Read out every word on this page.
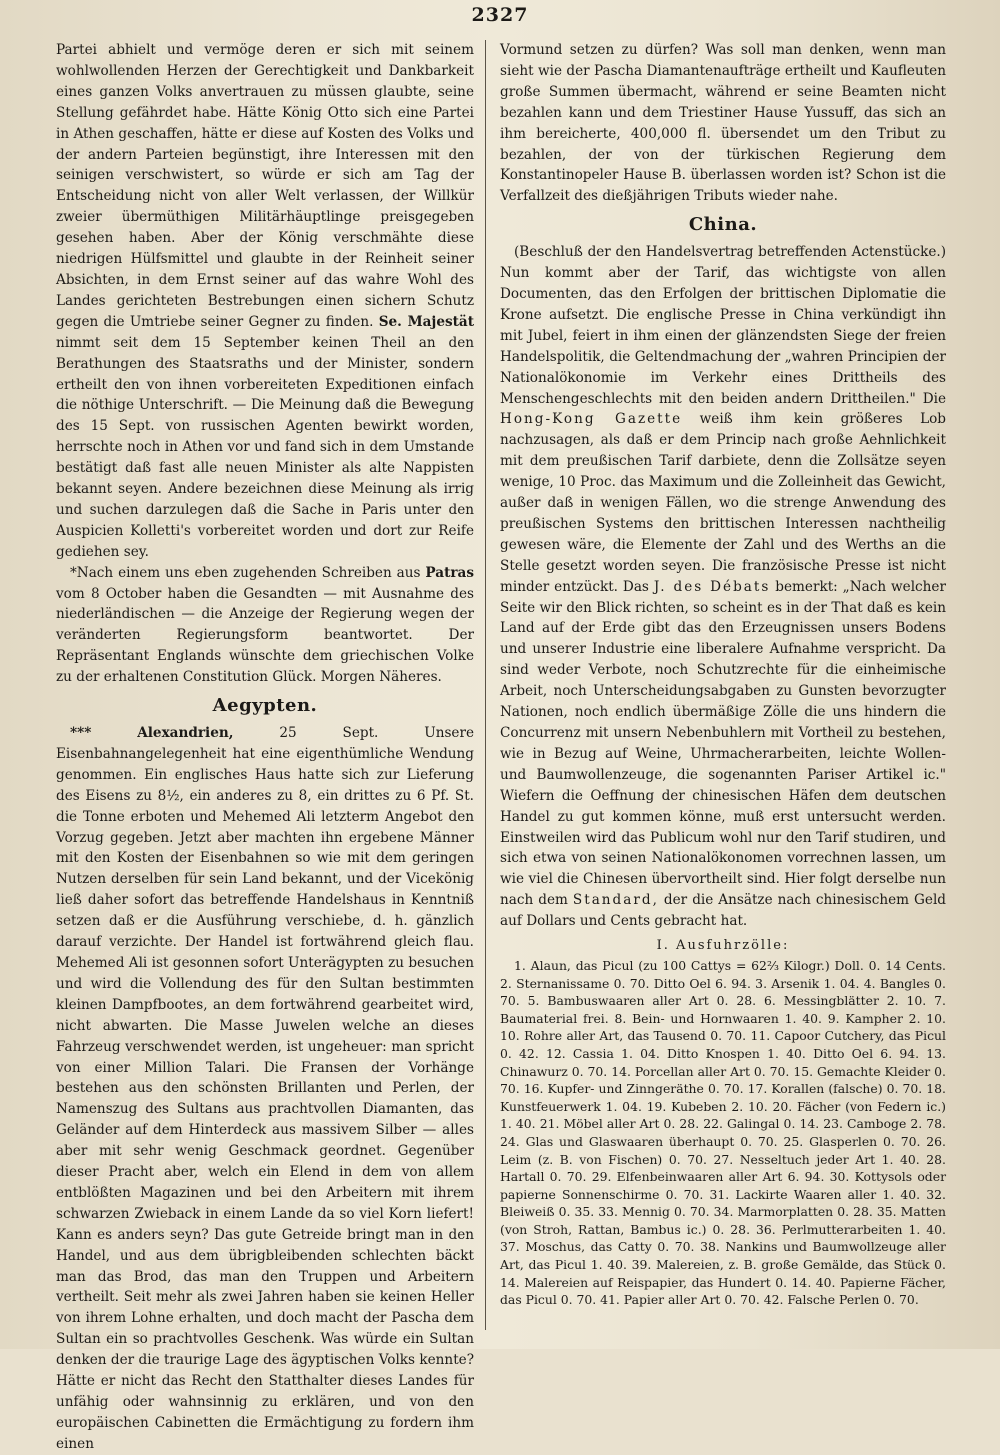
2327

Partei abhielt und vermöge deren er sich mit seinem wohlwollenden Herzen der Gerechtigkeit und Dankbarkeit eines ganzen Volks anvertrauen zu müssen glaubte, seine Stellung gefährdet habe. Hätte König Otto sich eine Partei in Athen geschaffen, hätte er diese auf Kosten des Volks und der andern Parteien begünstigt, ihre Interessen mit den seinigen verschwistert, so würde er sich am Tag der Entscheidung nicht von aller Welt verlassen, der Willkür zweier übermüthigen Militärhäuptlinge preisgegeben gesehen haben. Aber der König verschmähte diese niedrigen Hülfsmittel und glaubte in der Reinheit seiner Absichten, in dem Ernst seiner auf das wahre Wohl des Landes gerichteten Bestrebungen einen sichern Schutz gegen die Umtriebe seiner Gegner zu finden. Se. Majestät nimmt seit dem 15 September keinen Theil an den Berathungen des Staatsraths und der Minister, sondern ertheilt den von ihnen vorbereiteten Expeditionen einfach die nöthige Unterschrift. — Die Meinung daß die Bewegung des 15 Sept. von russischen Agenten bewirkt worden, herrschte noch in Athen vor und fand sich in dem Umstande bestätigt daß fast alle neuen Minister als alte Nappisten bekannt seyen. Andere bezeichnen diese Meinung als irrig und suchen darzulegen daß die Sache in Paris unter den Auspicien Kolletti's vorbereitet worden und dort zur Reife gediehen sey.

*Nach einem uns eben zugehenden Schreiben aus Patras vom 8 October haben die Gesandten — mit Ausnahme des niederländischen — die Anzeige der Regierung wegen der veränderten Regierungsform beantwortet. Der Repräsentant Englands wünschte dem griechischen Volke zu der erhaltenen Constitution Glück. Morgen Näheres.

Aegypten.

***	Alexandrien,	25 Sept.	Unsere Eisenbahnangelegenheit hat eine eigenthümliche Wendung genommen. Ein englisches Haus hatte sich zur Lieferung des Eisens zu 8½, ein anderes zu 8, ein drittes zu 6 Pf. St. die Tonne erboten und Mehemed Ali letzterm Angebot den Vorzug gegeben. Jetzt aber machten ihn ergebene Männer mit den Kosten der Eisenbahnen so wie mit dem geringen Nutzen derselben für sein Land bekannt, und der Vicekönig ließ daher sofort das betreffende Handelshaus in Kenntniß setzen daß er die Ausführung verschiebe, d. h. gänzlich darauf verzichte. Der Handel ist fortwährend gleich flau. Mehemed Ali ist gesonnen sofort Unterägypten zu besuchen und wird die Vollendung des für den Sultan bestimmten kleinen Dampfbootes, an dem fortwährend gearbeitet wird, nicht abwarten. Die Masse Juwelen welche an dieses Fahrzeug verschwendet werden, ist ungeheuer: man spricht von einer Million Talari. Die Fransen der Vorhänge bestehen aus den schönsten Brillanten und Perlen, der Namenszug des Sultans aus prachtvollen Diamanten, das Geländer auf dem Hinterdeck aus massivem Silber — alles aber mit sehr wenig Geschmack geordnet. Gegenüber dieser Pracht aber, welch ein Elend in dem von allem entblößten Magazinen und bei den Arbeitern mit ihrem schwarzen Zwieback in einem Lande da so viel Korn liefert! Kann es anders seyn? Das gute Getreide bringt man in den Handel, und aus dem übrigbleibenden schlechten bäckt man das Brod, das man den Truppen und Arbeitern vertheilt. Seit mehr als zwei Jahren haben sie keinen Heller von ihrem Lohne erhalten, und doch macht der Pascha dem Sultan ein so prachtvolles Geschenk. Was würde ein Sultan denken der die traurige Lage des ägyptischen Volks kennte? Hätte er nicht das Recht den Statthalter dieses Landes für unfähig oder wahnsinnig zu erklären, und von den europäischen Cabinetten die Ermächtigung zu fordern ihm einen

Vormund setzen zu dürfen? Was soll man denken, wenn man sieht wie der Pascha Diamantenaufträge ertheilt und Kaufleuten große Summen übermacht, während er seine Beamten nicht bezahlen kann und dem Triestiner Hause Yussuff, das sich an ihm bereicherte, 400,000 fl. übersendet um den Tribut zu bezahlen, der von der türkischen Regierung dem Konstantinopeler Hause B. überlassen worden ist? Schon ist die Verfallzeit des dießjährigen Tributs wieder nahe.

China.

(Beschluß der den Handelsvertrag betreffenden Actenstücke.) Nun kommt aber der Tarif, das wichtigste von allen Documenten, das den Erfolgen der brittischen Diplomatie die Krone aufsetzt. Die englische Presse in China verkündigt ihn mit Jubel, feiert in ihm einen der glänzendsten Siege der freien Handelspolitik, die Geltendmachung der „wahren Principien der Nationalökonomie im Verkehr eines Drittheils des Menschengeschlechts mit den beiden andern Drittheilen." Die Hong-Kong Gazette weiß ihm kein größeres Lob nachzusagen, als daß er dem Princip nach große Aehnlichkeit mit dem preußischen Tarif darbiete, denn die Zollsätze seyen wenige, 10 Proc. das Maximum und die Zolleinheit das Gewicht, außer daß in wenigen Fällen, wo die strenge Anwendung des preußischen Systems den brittischen Interessen nachtheilig gewesen wäre, die Elemente der Zahl und des Werths an die Stelle gesetzt worden seyen. Die französische Presse ist nicht minder entzückt. Das J. des Débats bemerkt: „Nach welcher Seite wir den Blick richten, so scheint es in der That daß es kein Land auf der Erde gibt das den Erzeugnissen unsers Bodens und unserer Industrie eine liberalere Aufnahme verspricht. Da sind weder Verbote, noch Schutzrechte für die einheimische Arbeit, noch Unterscheidungsabgaben zu Gunsten bevorzugter Nationen, noch endlich übermäßige Zölle die uns hindern die Concurrenz mit unsern Nebenbuhlern mit Vortheil zu bestehen, wie in Bezug auf Weine, Uhrmacherarbeiten, leichte Wollen- und Baumwollenzeuge, die sogenannten Pariser Artikel ic." Wiefern die Oeffnung der chinesischen Häfen dem deutschen Handel zu gut kommen könne, muß erst untersucht werden. Einstweilen wird das Publicum wohl nur den Tarif studiren, und sich etwa von seinen Nationalökonomen vorrechnen lassen, um wie viel die Chinesen übervortheilt sind. Hier folgt derselbe nun nach dem Standard, der die Ansätze nach chinesischem Geld auf Dollars und Cents gebracht hat.

I. Ausfuhrzölle:

1. Alaun, das Picul (zu 100 Cattys = 62⅔ Kilogr.) Doll. 0. 14 Cents. 2. Sternanissame 0. 70. Ditto Oel 6. 94. 3. Arsenik 1. 04. 4. Bangles 0. 70. 5. Bambuswaaren aller Art 0. 28. 6. Messingblätter 2. 10. 7. Baumaterial frei. 8. Bein- und Hornwaaren 1. 40. 9. Kampher 2. 10. 10. Rohre aller Art, das Tausend 0. 70. 11. Capoor Cutchery, das Picul 0. 42. 12. Cassia 1. 04. Ditto Knospen 1. 40. Ditto Oel 6. 94. 13. Chinawurz 0. 70. 14. Porcellan aller Art 0. 70. 15. Gemachte Kleider 0. 70. 16. Kupfer- und Zinngeräthe 0. 70. 17. Korallen (falsche) 0. 70. 18. Kunstfeuerwerk 1. 04. 19. Kubeben 2. 10. 20. Fächer (von Federn ic.) 1. 40. 21. Möbel aller Art 0. 28. 22. Galingal 0. 14. 23. Camboge 2. 78. 24. Glas und Glaswaaren überhaupt 0. 70. 25. Glasperlen 0. 70. 26. Leim (z. B. von Fischen) 0. 70. 27. Nesseltuch jeder Art 1. 40. 28. Hartall 0. 70. 29. Elfenbeinwaaren aller Art 6. 94. 30. Kottysols oder papierne Sonnenschirme 0. 70. 31. Lackirte Waaren aller 1. 40. 32. Bleiweiß 0. 35. 33. Mennig 0. 70. 34. Marmorplatten 0. 28. 35. Matten (von Stroh, Rattan, Bambus ic.) 0. 28. 36. Perlmutterarbeiten 1. 40. 37. Moschus, das Catty 0. 70. 38. Nankins und Baumwollzeuge aller Art, das Picul 1. 40. 39. Malereien, z. B. große Gemälde, das Stück 0. 14. Malereien auf Reispapier, das Hundert 0. 14. 40. Papierne Fächer, das Picul 0. 70. 41. Papier aller Art 0. 70. 42. Falsche Perlen 0. 70.
